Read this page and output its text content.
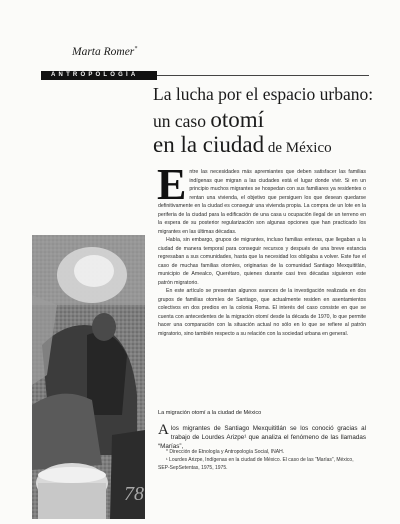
Marta Romer*
ANTROPOLOGÍA
La lucha por el espacio urbano:
un caso otomí
en la ciudad de México

Entre las necesidades más apremiantes que deben satisfacer las familias indígenas que migran a las ciudades está el lugar donde vivir. Si en un principio muchos migrantes se hospedan con sus familiares ya residentes o rentan una vivienda, el objetivo que persiguen los que desean quedarse definitivamente en la ciudad es conseguir una vivienda propia. La compra de un lote en la periferia de la ciudad para la edificación de una casa u ocupación ilegal de un terreno en la espera de su posterior regularización son algunas opciones que han practicado los migrantes en las últimas décadas.

Había, sin embargo, grupos de migrantes, incluso familias enteras, que llegaban a la ciudad de manera temporal para conseguir recursos y después de una breve estancia regresaban a sus comunidades, hasta que la necesidad los obligaba a volver. Este fue el caso de muchas familias otomíes, originarias de la comunidad Santiago Mexquititlán, municipio de Amealco, Querétaro, quienes durante casi tres décadas siguieron este patrón migratorio.

En este artículo se presentan algunos avances de la investigación realizada en dos grupos de familias otomíes de Santiago, que actualmente residen en asentamientos colectivos en dos predios en la colonia Roma. El interés del caso consiste en que se cuenta con antecedentes de la migración otomí desde la década de 1970, lo que permite hacer una comparación con la situación actual no sólo en lo que se refiere al patrón migratorio, sino también respecto a su relación con la sociedad urbana en general.

La migración otomí a la ciudad de México
A los migrantes de Santiago Mexquititlán se los conoció gracias al trabajo de Lourdes Arizpe¹ que analiza el fenómeno de las llamadas “Marías”,

* Dirección de Etnología y Antropología Social, INAH.

¹ Lourdes Arizpe, Indígenas en la ciudad de México. El caso de las “Marías”, México, SEP-SepSetentas, 1975, 1975.

78
